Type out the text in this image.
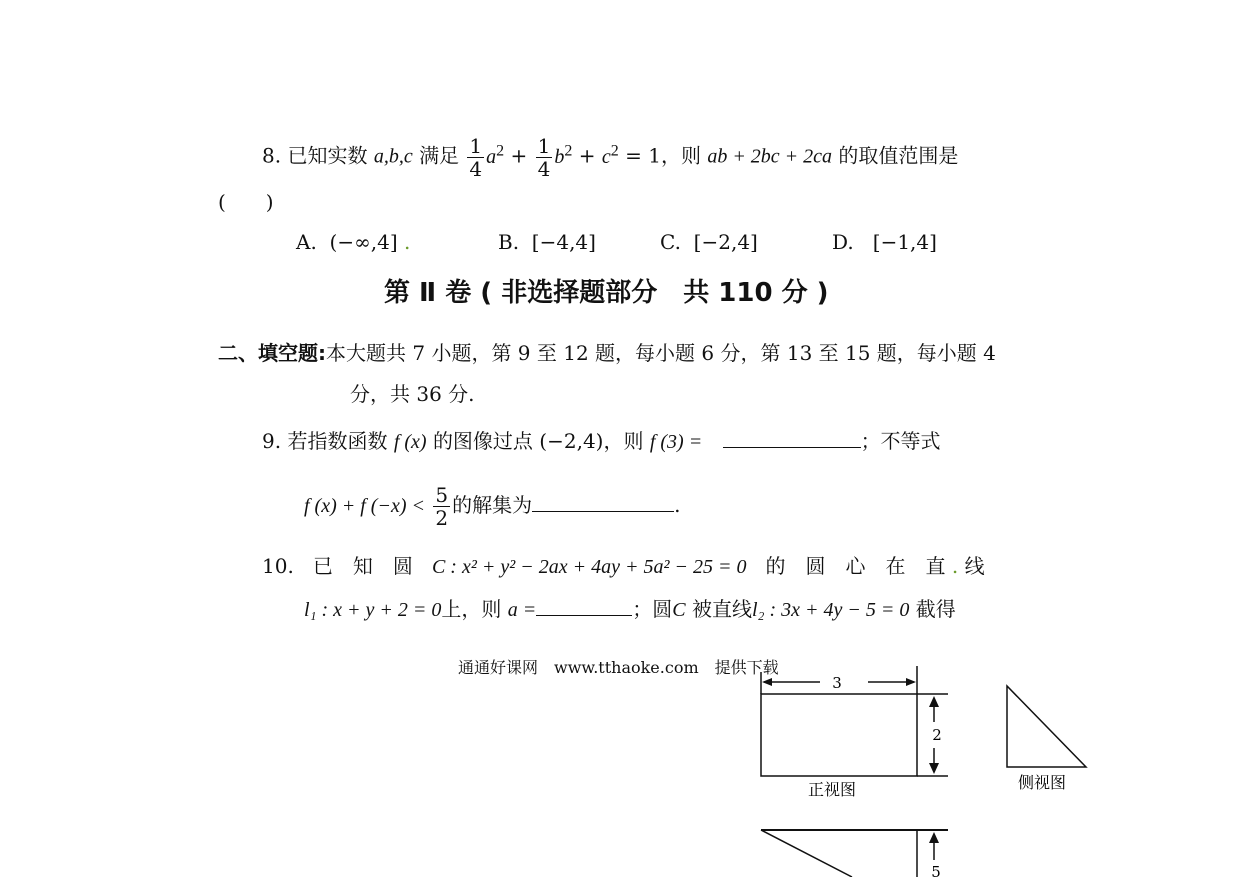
8. 已知实数 a,b,c 满足 $\frac{1}{4} a^2 + \frac{1}{4} b^2 + c^2 = 1$，则 ab + 2bc + 2ca 的取值范围是
(　　)
A. (−∞,4] .	B. [−4,4]	C. [−2,4]	D. [−1,4]
第 Ⅱ 卷 ( 非选择题部分　共 110 分 )
二、填空题:本大题共 7 小题，第 9 至 12 题，每小题 6 分，第 13 至 15 题，每小题 4
分，共 36 分.
9. 若指数函数 f (x) 的图像过点 (−2,4)，则 f (3) =	；不等式
f (x) + f $(-x) < \frac{5}{2}$ 的解集为	.
10. 已　知　圆 C : x² + y² − 2ax + 4ay + 5a² − 25 = 0 的　圆　心　在　直 . 线
l₁ : x + y + 2 = 0上，则 a =	；圆C 被直线l₂ : 3x + 4y − 5 = 0 截得
通通好课网　www.tthaoke.com　提供下载
3
2
正视图	侧视图
5
